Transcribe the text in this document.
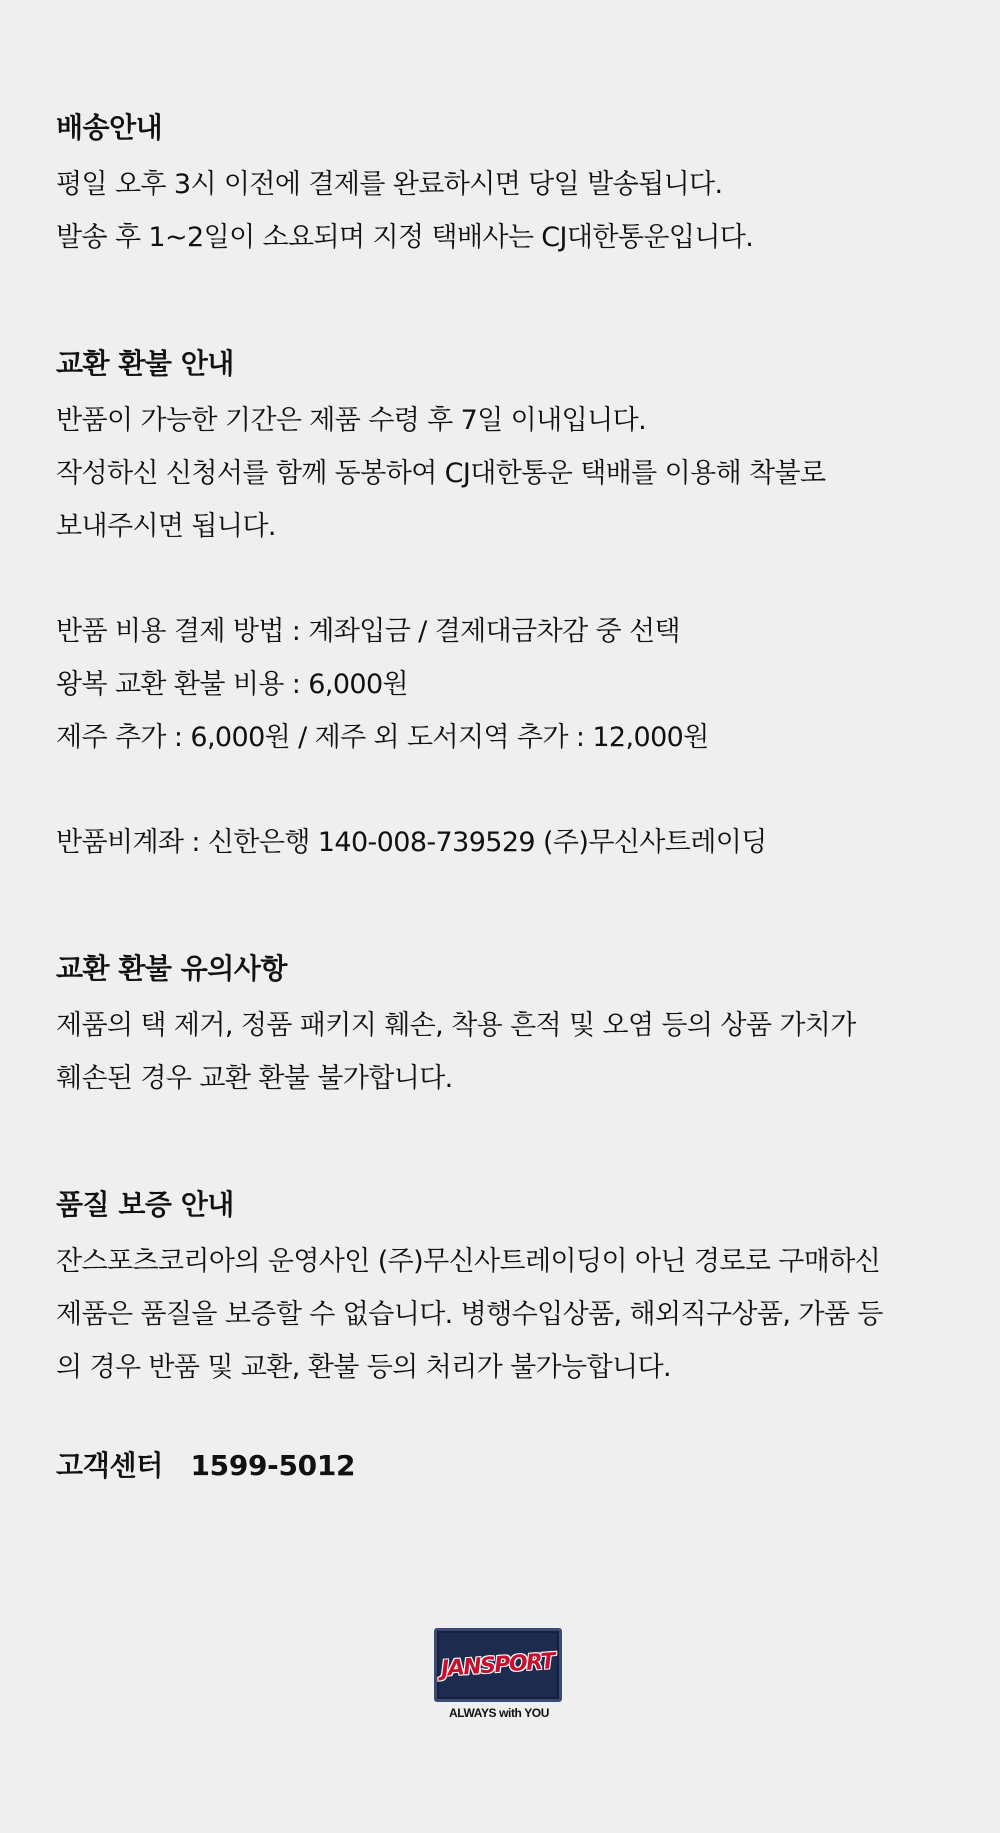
배송안내
평일 오후 3시 이전에 결제를 완료하시면 당일 발송됩니다.
발송 후 1~2일이 소요되며 지정 택배사는 CJ대한통운입니다.
교환 환불 안내
반품이 가능한 기간은 제품 수령 후 7일 이내입니다.
작성하신 신청서를 함께 동봉하여 CJ대한통운 택배를 이용해 착불로
보내주시면 됩니다.
반품 비용 결제 방법 : 계좌입금 / 결제대금차감 중 선택
왕복 교환 환불 비용 : 6,000원
제주 추가 : 6,000원 / 제주 외 도서지역 추가 : 12,000원
반품비계좌 : 신한은행 140-008-739529 (주)무신사트레이딩
교환 환불 유의사항
제품의 택 제거, 정품 패키지 훼손, 착용 흔적 및 오염 등의 상품 가치가
훼손된 경우 교환 환불 불가합니다.
품질 보증 안내
잔스포츠코리아의 운영사인 (주)무신사트레이딩이 아닌 경로로 구매하신
제품은 품질을 보증할 수 없습니다. 병행수입상품, 해외직구상품, 가품 등
의 경우 반품 및 교환, 환불 등의 처리가 불가능합니다.
고객센터 1599-5012
JANSPORT
ALWAYS with YOU
